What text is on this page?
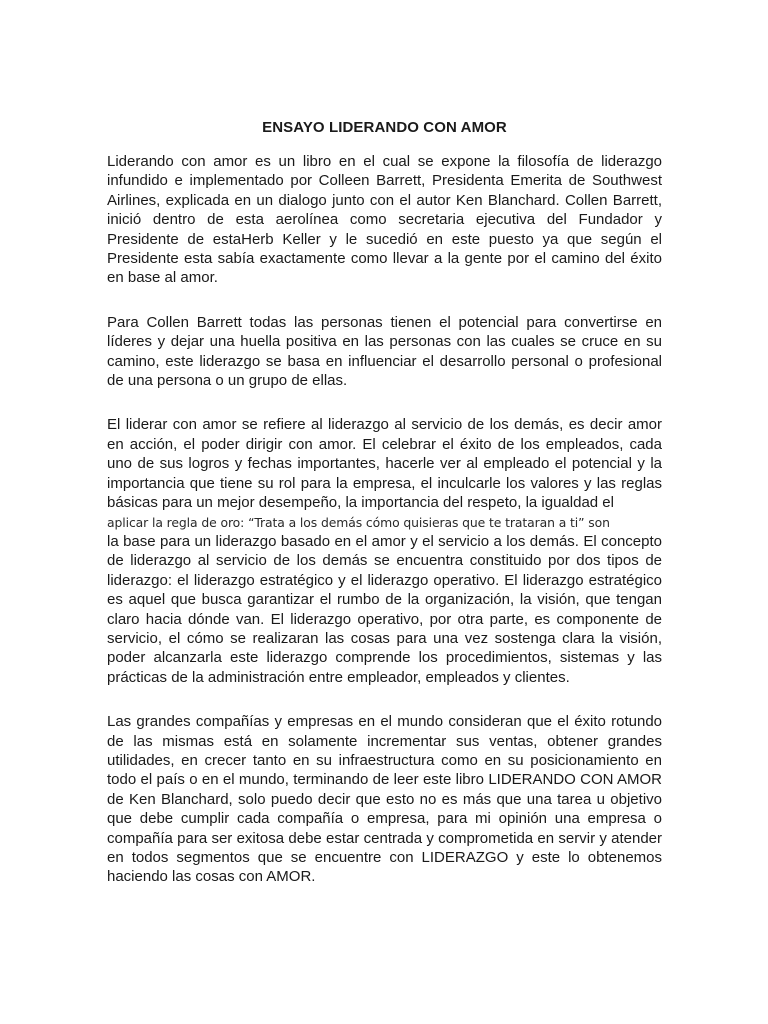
ENSAYO LIDERANDO CON AMOR

Liderando con amor es un libro en el cual se expone la filosofía de liderazgo infundido e implementado por Colleen Barrett, Presidenta Emerita de Southwest Airlines, explicada en un dialogo junto con el autor Ken Blanchard. Collen Barrett, inició dentro de esta aerolínea como secretaria ejecutiva del Fundador y Presidente de estaHerb Keller y le sucedió en este puesto ya que según el Presidente esta sabía exactamente como llevar a la gente por el camino del éxito en base al amor.

Para Collen Barrett todas las personas tienen el potencial para convertirse en líderes y dejar una huella positiva en las personas con las cuales se cruce en su camino, este liderazgo se basa en influenciar el desarrollo personal o profesional de una persona o un grupo de ellas.

El liderar con amor se refiere al liderazgo al servicio de los demás, es decir amor en acción, el poder dirigir con amor. El celebrar el éxito de los empleados, cada uno de sus logros y fechas importantes, hacerle ver al empleado el potencial y la importancia que tiene su rol para la empresa, el inculcarle los valores y las reglas básicas para un mejor desempeño, la importancia del respeto, la igualdad el
aplicar la regla de oro: “Trata a los demás cómo quisieras que te trataran a ti” son
la base para un liderazgo basado en el amor y el servicio a los demás. El concepto de liderazgo al servicio de los demás se encuentra constituido por dos tipos de liderazgo: el liderazgo estratégico y el liderazgo operativo. El liderazgo estratégico es aquel que busca garantizar el rumbo de la organización, la visión, que tengan claro hacia dónde van. El liderazgo operativo, por otra parte, es componente de servicio, el cómo se realizaran las cosas para una vez sostenga clara la visión, poder alcanzarla este liderazgo comprende los procedimientos, sistemas y las prácticas de la administración entre empleador, empleados y clientes.

Las grandes compañías y empresas en el mundo consideran que el éxito rotundo de las mismas está en solamente incrementar sus ventas, obtener grandes utilidades, en crecer tanto en su infraestructura como en su posicionamiento en todo el país o en el mundo, terminando de leer este libro LIDERANDO CON AMOR de Ken Blanchard, solo puedo decir que esto no es más que una tarea u objetivo que debe cumplir cada compañía o empresa, para mi opinión una empresa o compañía para ser exitosa debe estar centrada y comprometida en servir y atender en todos segmentos que se encuentre con LIDERAZGO y este lo obtenemos haciendo las cosas con AMOR.
